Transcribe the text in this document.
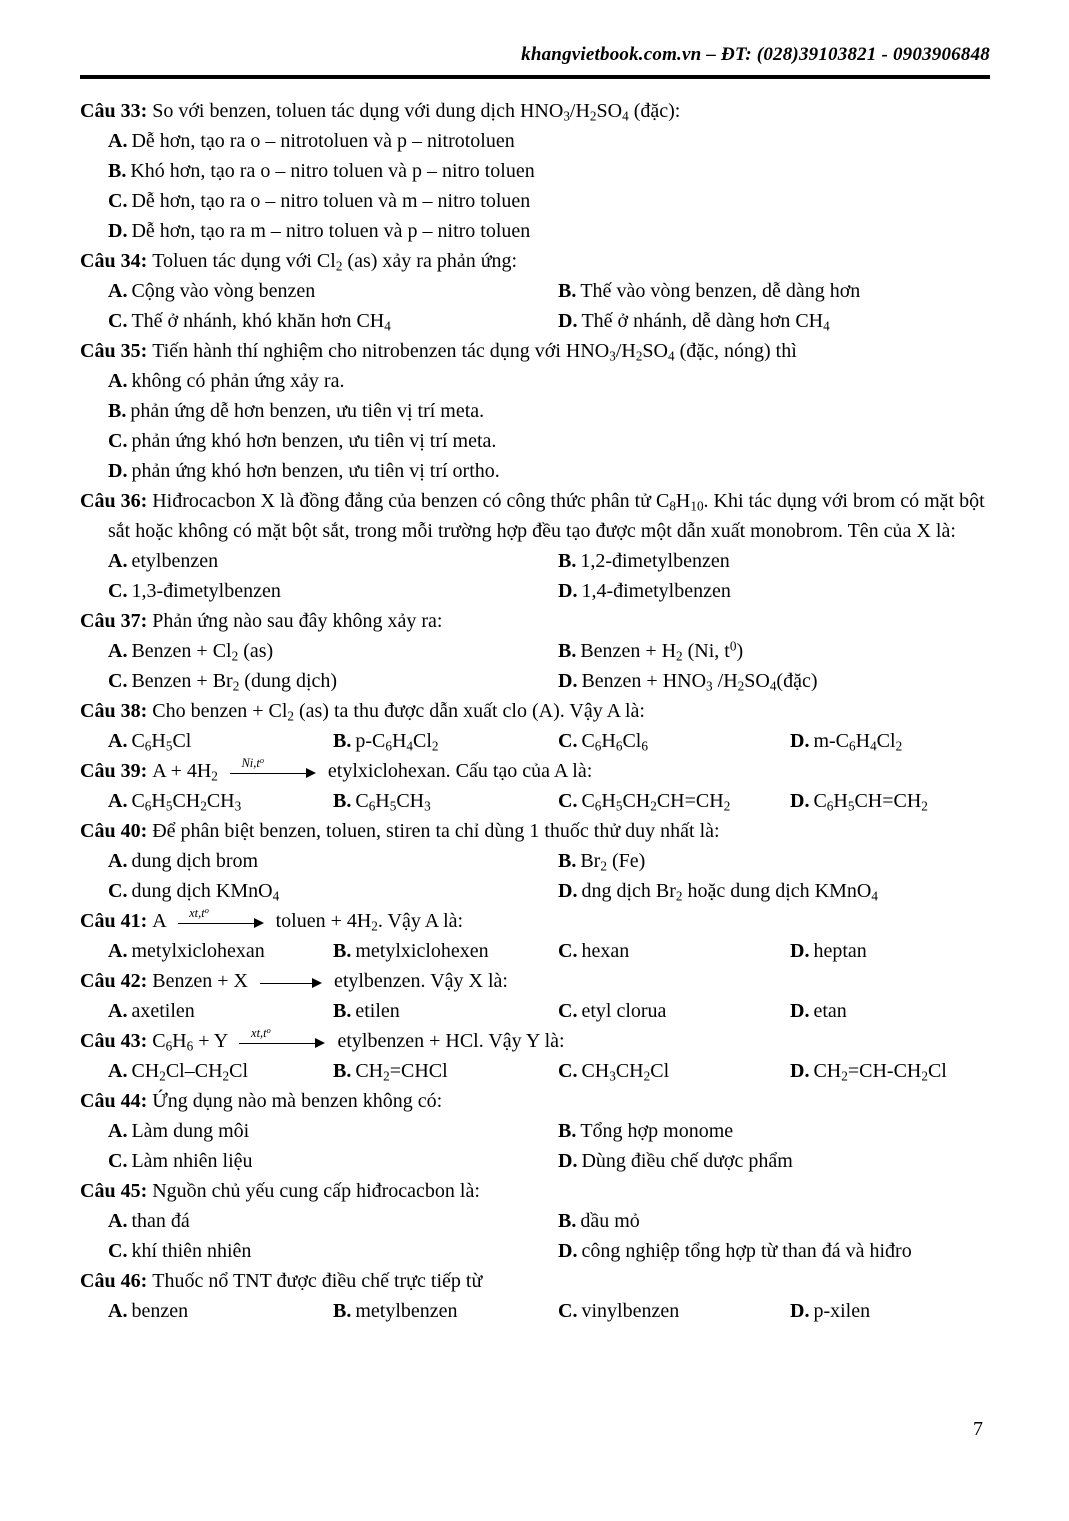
khangvietbook.com.vn – ĐT: (028)39103821 - 0903906848

Câu 33: So với benzen, toluen tác dụng với dung dịch $HNO_3/H_2SO_4$ (đặc):

A. Dễ hơn, tạo ra o – nitrotoluen và p – nitrotoluen
B. Khó hơn, tạo ra o – nitro toluen và p – nitro toluen
C. Dễ hơn, tạo ra o – nitro toluen và m – nitro toluen
D. Dễ hơn, tạo ra m – nitro toluen và p – nitro toluen

Câu 34: Toluen tác dụng với $Cl_2$ (as) xảy ra phản ứng:

A. Cộng vào vòng benzen	B. Thế vào vòng benzen, dễ dàng hơn
C. Thế ở nhánh, khó khăn hơn $CH_4$	D. Thế ở nhánh, dễ dàng hơn $CH_4$

Câu 35: Tiến hành thí nghiệm cho nitrobenzen tác dụng với $HNO_3/H_2SO_4$ (đặc, nóng) thì

A. không có phản ứng xảy ra.
B. phản ứng dễ hơn benzen, ưu tiên vị trí meta.
C. phản ứng khó hơn benzen, ưu tiên vị trí meta.
D. phản ứng khó hơn benzen, ưu tiên vị trí ortho.

Câu 36: Hiđrocacbon X là đồng đẳng của benzen có công thức phân tử $C_8H_{10}$. Khi tác dụng với brom có mặt bột sắt hoặc không có mặt bột sắt, trong mỗi trường hợp đều tạo được một dẫn xuất monobrom. Tên của X là:

A. etylbenzen	B. 1,2-đimetylbenzen
C. 1,3-đimetylbenzen	D. 1,4-đimetylbenzen

Câu 37: Phản ứng nào sau đây không xảy ra:

A. Benzen + $Cl_2$ (as)	B. Benzen + $H_2$ (Ni, $t^0$)
C. Benzen + $Br_2$ (dung dịch)	D. Benzen + $HNO_3$ $/H_2SO_4(đặc)$

Câu 38: Cho benzen + $Cl_2$ (as) ta thu được dẫn xuất clo (A). Vậy A là:

A. $C_6H_5Cl$	B. $p-C_6H_4Cl_2$	C. $C_6H_6Cl_6$	D. $m-C_6H_4Cl_2$

Câu 39: $A + 4H_2$
$Ni,t^o$
etylxiclohexan. Cấu tạo của A là:

A. $C_6H_5CH_2CH_3$	B. $C_6H_5CH_3$	C. $C_6H_5CH_2CH=CH_2$	D. $C_6H_5CH=CH_2$

Câu 40: Để phân biệt benzen, toluen, stiren ta chỉ dùng 1 thuốc thử duy nhất là:

A. dung dịch brom	B. $Br_2$ (Fe)
C. dung dịch KMnO$_4$	D. dng dịch $Br_2$ hoặc dung dịch KMnO$_4$

Câu 41: A $xt,t^o$
toluen + $4H_2$. Vậy A là:

A. metylxiclohexan	B. metylxiclohexen	C. hexan	D. heptan

Câu 42: Benzen + X	etylbenzen. Vậy X là:

A. axetilen	B. etilen	C. etyl clorua	D. etan

Câu 43: $C_6H_6 + Y$ $xt,t^o$
etylbenzen + HCl. Vậy Y là:

A. $CH_2Cl-CH_2Cl$	B. $CH_2=CHCl$	C. $CH_3CH_2Cl$	D. $CH_2=CH-CH_2Cl$

Câu 44: Ứng dụng nào mà benzen không có:

A. Làm dung môi	B. Tổng hợp monome
C. Làm nhiên liệu	D. Dùng điều chế dược phẩm

Câu 45: Nguồn chủ yếu cung cấp hiđrocacbon là:

A. than đá	B. dầu mỏ
C. khí thiên nhiên	D. công nghiệp tổng hợp từ than đá và hiđro

Câu 46: Thuốc nổ TNT được điều chế trực tiếp từ

A. benzen	B. metylbenzen	C. vinylbenzen	D. p-xilen
7
